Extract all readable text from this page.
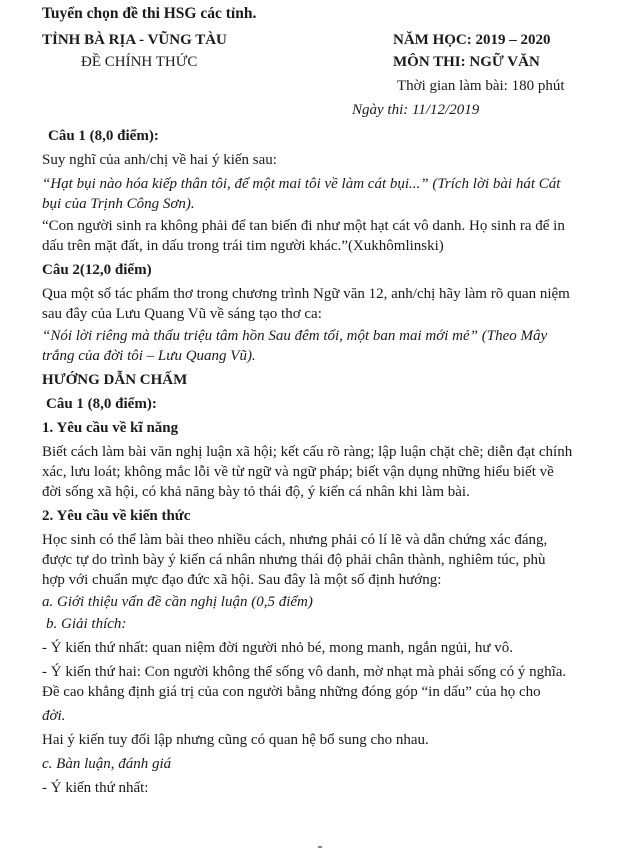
Tuyển chọn đề thi HSG các tỉnh.
TỈNH BÀ RỊA - VŨNG TÀU	NĂM HỌC: 2019 – 2020
ĐỀ CHÍNH THỨC	MÔN THI: NGỮ VĂN
Thời gian làm bài: 180 phút
Ngày thi: 11/12/2019
Câu 1 (8,0 điểm):
Suy nghĩ của anh/chị về hai ý kiến sau:
“Hạt bụi nào hóa kiếp thân tôi, để một mai tôi về làm cát bụi...” (Trích lời bài hát Cát
bụi của Trịnh Công Sơn).
“Con người sinh ra không phải để tan biến đi như một hạt cát vô danh. Họ sinh ra để in
dấu trên mặt đất, in dấu trong trái tim người khác.”(Xukhômlinski)
Câu 2(12,0 điểm)
Qua một số tác phẩm thơ trong chương trình Ngữ văn 12, anh/chị hãy làm rõ quan niệm
sau đây của Lưu Quang Vũ về sáng tạo thơ ca:
“Nói lời riêng mà thấu triệu tâm hồn Sau đêm tối, một ban mai mới mẻ” (Theo Mây
trắng của đời tôi – Lưu Quang Vũ).
HƯỚNG DẪN CHẤM
Câu 1 (8,0 điểm):
1. Yêu cầu về kĩ năng
Biết cách làm bài văn nghị luận xã hội; kết cấu rõ ràng; lập luận chặt chẽ; diễn đạt chính
xác, lưu loát; không mắc lỗi về từ ngữ và ngữ pháp; biết vận dụng những hiểu biết về
đời sống xã hội, có khả năng bày tỏ thái độ, ý kiến cá nhân khi làm bài.
2. Yêu cầu về kiến thức
Học sinh có thể làm bài theo nhiều cách, nhưng phải có lí lẽ và dẫn chứng xác đáng,
được tự do trình bày ý kiến cá nhân nhưng thái độ phải chân thành, nghiêm túc, phù
hợp với chuẩn mực đạo đức xã hội. Sau đây là một số định hướng:
a. Giới thiệu vấn đề cần nghị luận (0,5 điểm)
b. Giải thích:
- Ý kiến thứ nhất: quan niệm đời người nhỏ bé, mong manh, ngắn ngủi, hư vô.
- Ý kiến thứ hai: Con người không thể sống vô danh, mờ nhạt mà phải sống có ý nghĩa.
Đề cao khẳng định giá trị của con người bằng những đóng góp “in dấu” của họ cho
đời.
Hai ý kiến tuy đối lập nhưng cũng có quan hệ bổ sung cho nhau.
c. Bàn luận, đánh giá
- Ý kiến thứ nhất:
